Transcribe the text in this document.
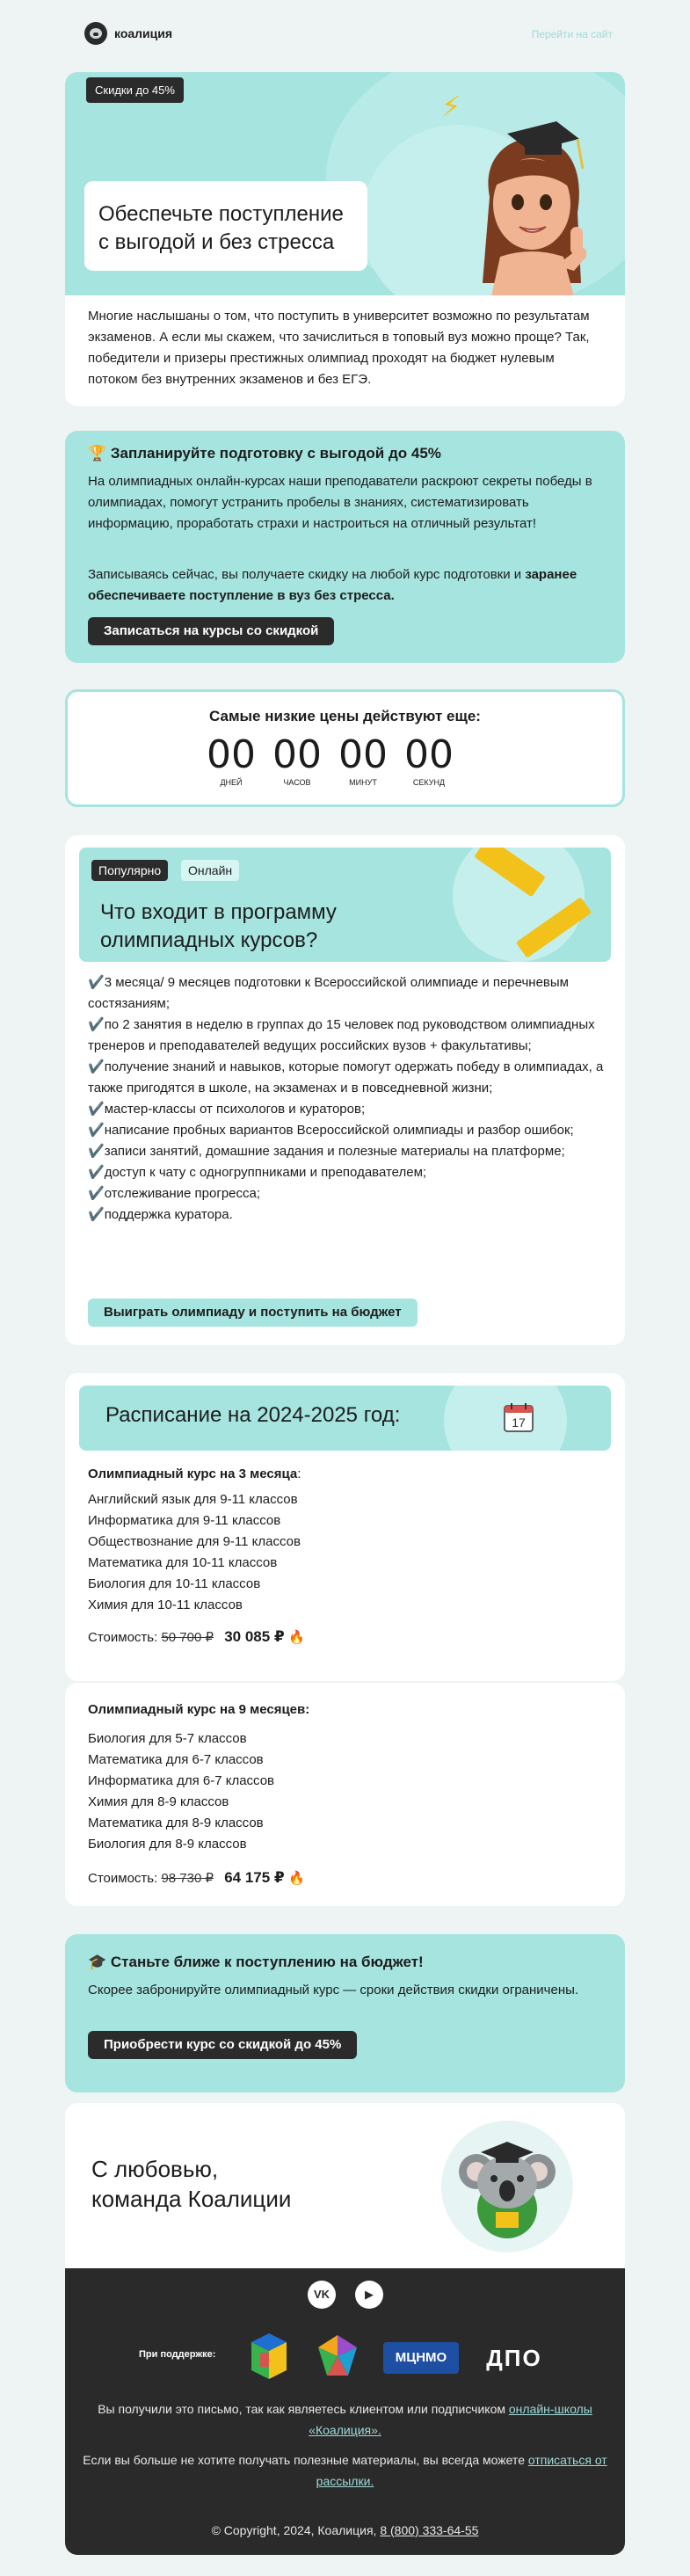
коалиция	Перейти на сайт
Скидки до 45%
⚡
Обеспечьте поступление
с выгодой и без стресса
Многие наслышаны о том, что поступить в университет возможно по результатам экзаменов. А если мы скажем, что зачислиться в топовый вуз можно проще? Так, победители и призеры престижных олимпиад проходят на бюджет нулевым потоком без внутренних экзаменов и без ЕГЭ.
🏆 Запланируйте подготовку с выгодой до 45%

На олимпиадных онлайн-курсах наши преподаватели раскроют секреты победы в олимпиадах, помогут устранить пробелы в знаниях, систематизировать информацию, проработать страхи и настроиться на отличный результат!

Записываясь сейчас, вы получаете скидку на любой курс подготовки и заранее обеспечиваете поступление в вуз без стресса.

Записаться на курсы со скидкой
Самые низкие цены действуют еще:
00
ДНЕЙ
00
ЧАСОВ
00
МИНУТ
00
СЕКУНД
Популярно	Онлайн
Что входит в программу
олимпиадных курсов?
✔️ 3 месяца/ 9 месяцев подготовки к Всероссийской олимпиаде и перечневым состязаниям;
✔️ по 2 занятия в неделю в группах до 15 человек под руководством олимпиадных тренеров и преподавателей ведущих российских вузов + факультативы;
✔️ получение знаний и навыков, которые помогут одержать победу в олимпиадах, а также пригодятся в школе, на экзаменах и в повседневной жизни;
✔️ мастер-классы от психологов и кураторов;
✔️ написание пробных вариантов Всероссийской олимпиады и разбор ошибок;
✔️ записи занятий, домашние задания и полезные материалы на платформе;
✔️ доступ к чату с одногруппниками и преподавателем;
✔️ отслеживание прогресса;
✔️ поддержка куратора.
Выиграть олимпиаду и поступить на бюджет
Расписание на 2024-2025 год:	17
Олимпиадный курс на 3 месяца:
Английский язык для 9-11 классов
Информатика для 9-11 классов
Обществознание для 9-11 классов
Математика для 10-11 классов
Биология для 10-11 классов
Химия для 10-11 классов
Стоимость: 50 700 ₽ 30 085 ₽ 🔥
Олимпиадный курс на 9 месяцев:
Биология для 5-7 классов
Математика для 6-7 классов
Информатика для 6-7 классов
Химия для 8-9 классов
Математика для 8-9 классов
Биология для 8-9 классов
Стоимость: 98 730 ₽ 64 175 ₽ 🔥
🎓 Станьте ближе к поступлению на бюджет!

Скорее забронируйте олимпиадный курс — сроки действия скидки ограничены.

Приобрести курс со скидкой до 45%
С любовью,
команда Коалиции
VK	▶
При поддержке:	МЦНМО	ДПО
Вы получили это письмо, так как являетесь клиентом или подписчиком онлайн-школы «Коалиция».
Если вы больше не хотите получать полезные материалы, вы всегда можете отписаться от рассылки.
© Copyright, 2024, Коалиция, 8 (800) 333-64-55
